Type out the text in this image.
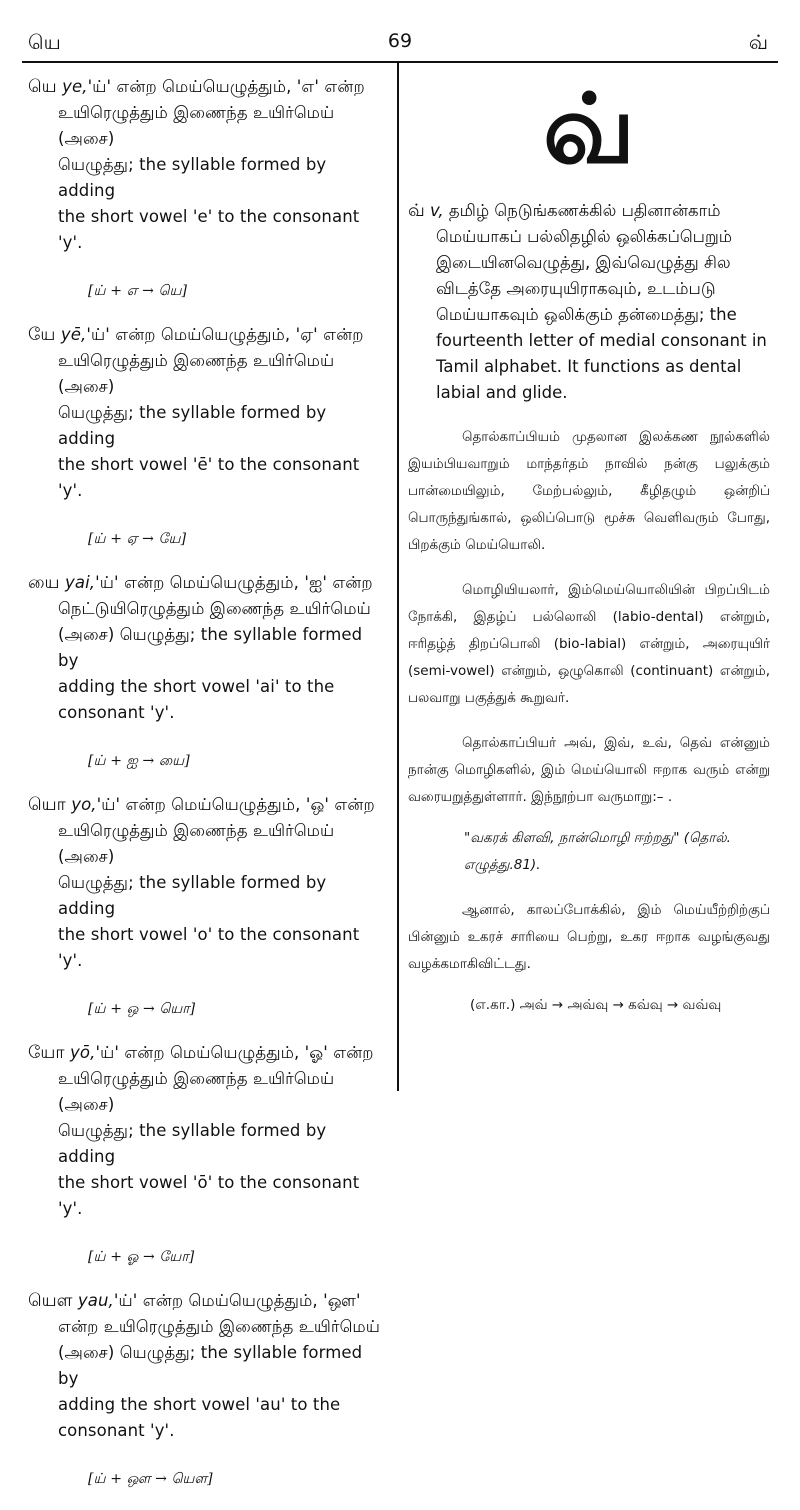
யெ	69	வ்

யெ ye,'ய்' என்ற மெய்யெழுத்தும், 'எ' என்ற

உயிரெழுத்தும் இணைந்த உயிர்மெய் (அசை)

யெழுத்து; the syllable formed by adding

the short vowel 'e' to the consonant 'y'.

[ய் + எ → யெ]

யே yē,'ய்' என்ற மெய்யெழுத்தும், 'ஏ' என்ற

உயிரெழுத்தும் இணைந்த உயிர்மெய் (அசை)

யெழுத்து; the syllable formed by adding

the short vowel 'ē' to the consonant 'y'.

[ய் + ஏ → யே]

யை yai,'ய்' என்ற மெய்யெழுத்தும், 'ஐ' என்ற

நெட்டுயிரெழுத்தும் இணைந்த உயிர்மெய்

(அசை) யெழுத்து; the syllable formed by

adding the short vowel 'ai' to the

consonant 'y'.

[ய் + ஐ → யை]

யொ yo,'ய்' என்ற மெய்யெழுத்தும், 'ஒ' என்ற

உயிரெழுத்தும் இணைந்த உயிர்மெய் (அசை)

யெழுத்து; the syllable formed by adding

the short vowel 'o' to the consonant 'y'.

[ய் + ஒ → யொ]

யோ yō,'ய்' என்ற மெய்யெழுத்தும், 'ஓ' என்ற

உயிரெழுத்தும் இணைந்த உயிர்மெய் (அசை)

யெழுத்து; the syllable formed by adding

the short vowel 'ō' to the consonant 'y'.

[ய் + ஓ → யோ]

யௌ yau,'ய்' என்ற மெய்யெழுத்தும், 'ஔ'

என்ற உயிரெழுத்தும் இணைந்த உயிர்மெய்

(அசை) யெழுத்து; the syllable formed by

adding the short vowel 'au' to the

consonant 'y'.

[ய் + ஔ → யௌ]
வ்

வ் v, தமிழ் நெடுங்கணக்கில் பதினான்காம்

மெய்யாகப் பல்லிதழில் ஒலிக்கப்பெறும்

இடையினவெழுத்து, இவ்வெழுத்து சில

விடத்தே அரையுயிராகவும், உடம்படு

மெய்யாகவும் ஒலிக்கும் தன்மைத்து; the

fourteenth letter of medial consonant in

Tamil alphabet. It functions as dental

labial and glide.

தொல்காப்பியம் முதலான இலக்கண நூல்களில் இயம்பியவாறும் மாந்தர்தம் நாவில் நன்கு பலுக்கும் பான்மையிலும், மேற்பல்லும், கீழிதழும் ஒன்றிப் பொருந்துங்கால், ஒலிப்பொடு மூச்சு வெளிவரும் போது, பிறக்கும் மெய்யொலி.
மொழியியலார், இம்மெய்யொலியின் பிறப்பிடம் நோக்கி, இதழ்ப் பல்லொலி (labio-dental) என்றும், ஈரிதழ்த் திறப்பொலி (bio-labial) என்றும், அரையுயிர் (semi-vowel) என்றும், ஒழுகொலி (continuant) என்றும், பலவாறு பகுத்துக் கூறுவர்.
தொல்காப்பியர் அவ், இவ், உவ், தெவ் என்னும் நான்கு மொழிகளில், இம் மெய்யொலி ஈறாக வரும் என்று வரையறுத்துள்ளார். இந்நூற்பா வருமாறு:– .
"வகரக் கிளவி, நான்மொழி ஈற்றது" (தொல். எழுத்து.81).
ஆனால், காலப்போக்கில், இம் மெய்யீற்றிற்குப் பின்னும் உகரச் சாரியை பெற்று, உகர ஈறாக வழங்குவது வழக்கமாகிவிட்டது.
(எ.கா.) அவ் → அவ்வு → கவ்வு → வவ்வு
